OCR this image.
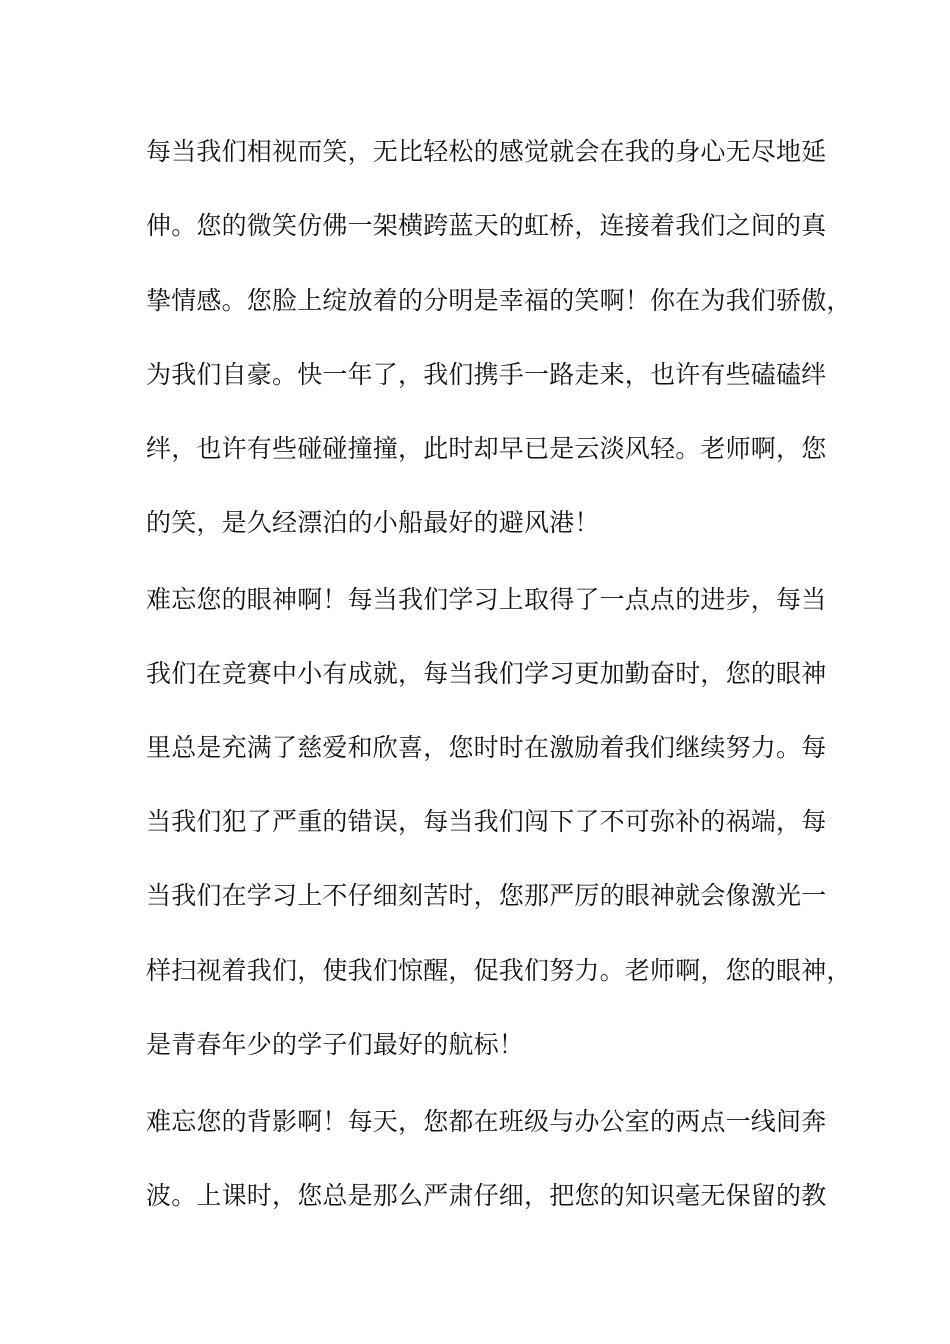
每当我们相视而笑，无比轻松的感觉就会在我的身心无尽地延
伸。您的微笑仿佛一架横跨蓝天的虹桥，连接着我们之间的真
挚情感。您脸上绽放着的分明是幸福的笑啊！你在为我们骄傲，
为我们自豪。快一年了，我们携手一路走来，也许有些磕磕绊
绊，也许有些碰碰撞撞，此时却早已是云淡风轻。老师啊，您
的笑，是久经漂泊的小船最好的避风港！
难忘您的眼神啊！每当我们学习上取得了一点点的进步，每当
我们在竞赛中小有成就，每当我们学习更加勤奋时，您的眼神
里总是充满了慈爱和欣喜，您时时在激励着我们继续努力。每
当我们犯了严重的错误，每当我们闯下了不可弥补的祸端，每
当我们在学习上不仔细刻苦时，您那严厉的眼神就会像激光一
样扫视着我们，使我们惊醒，促我们努力。老师啊，您的眼神，
是青春年少的学子们最好的航标！
难忘您的背影啊！每天，您都在班级与办公室的两点一线间奔
波。上课时，您总是那么严肃仔细，把您的知识毫无保留的教
